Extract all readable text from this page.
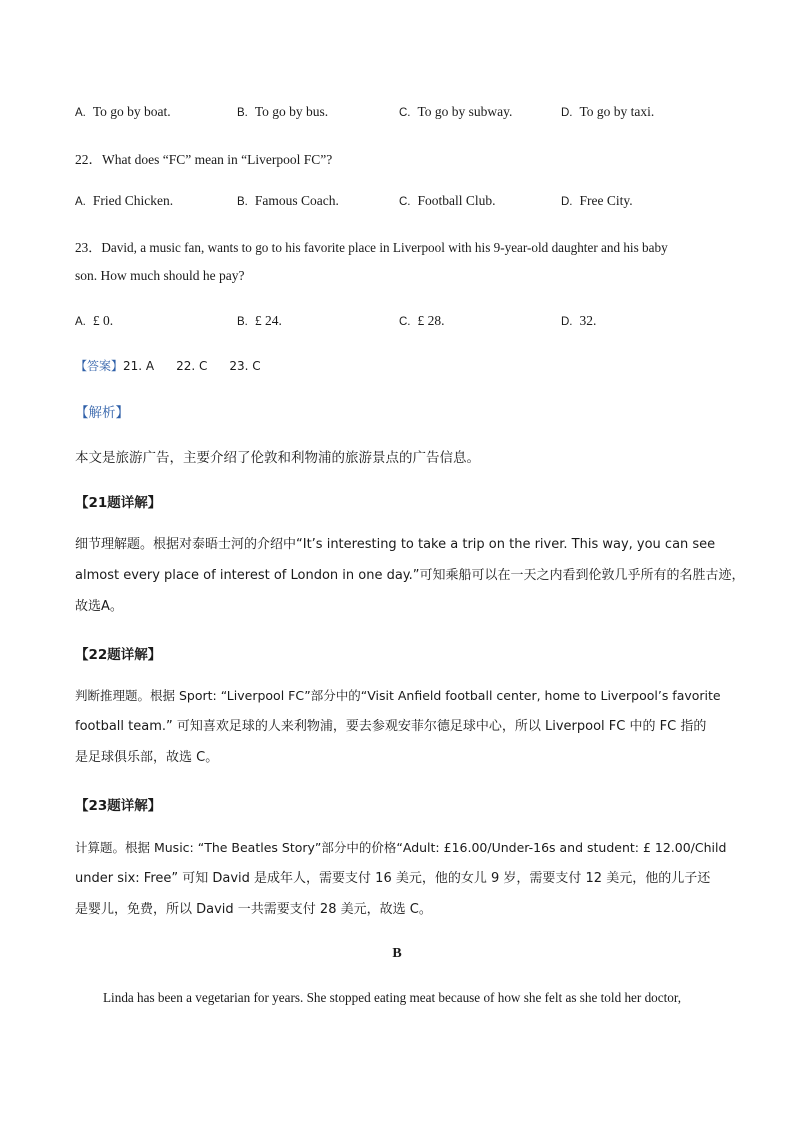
A. To go by boat.	B. To go by bus.	C. To go by subway.	D. To go by taxi.
22．What does “FC” mean in “Liverpool FC”?
A. Fried Chicken.	B. Famous Coach.	C. Football Club.	D. Free City.
23．David, a music fan, wants to go to his favorite place in Liverpool with his 9-year-old daughter and his baby
son. How much should he pay?
A. £ 0.	B. £ 24.	C. £ 28.	D. 32.
【答案】21. A 22. C 23. C
【解析】
本文是旅游广告，主要介绍了伦敦和利物浦的旅游景点的广告信息。
【21题详解】
细节理解题。根据对泰晤士河的介绍中“It’s interesting to take a trip on the river. This way, you can see
almost every place of interest of London in one day.”可知乘船可以在一天之内看到伦敦几乎所有的名胜古迹，
故选A。
【22题详解】
判断推理题。根据 Sport: “Liverpool FC”部分中的“Visit Anfield football center, home to Liverpool’s favorite
football team.” 可知喜欢足球的人来利物浦，要去参观安菲尔德足球中心，所以 Liverpool FC 中的 FC 指的
是足球俱乐部，故选 C。
【23题详解】
计算题。根据 Music: “The Beatles Story”部分中的价格“Adult: £16.00/Under-16s and student: £ 12.00/Child
under six: Free” 可知 David 是成年人，需要支付 16 美元，他的女儿 9 岁，需要支付 12 美元，他的儿子还
是婴儿，免费，所以 David 一共需要支付 28 美元，故选 C。
B
Linda has been a vegetarian for years. She stopped eating meat because of how she felt as she told her doctor,
